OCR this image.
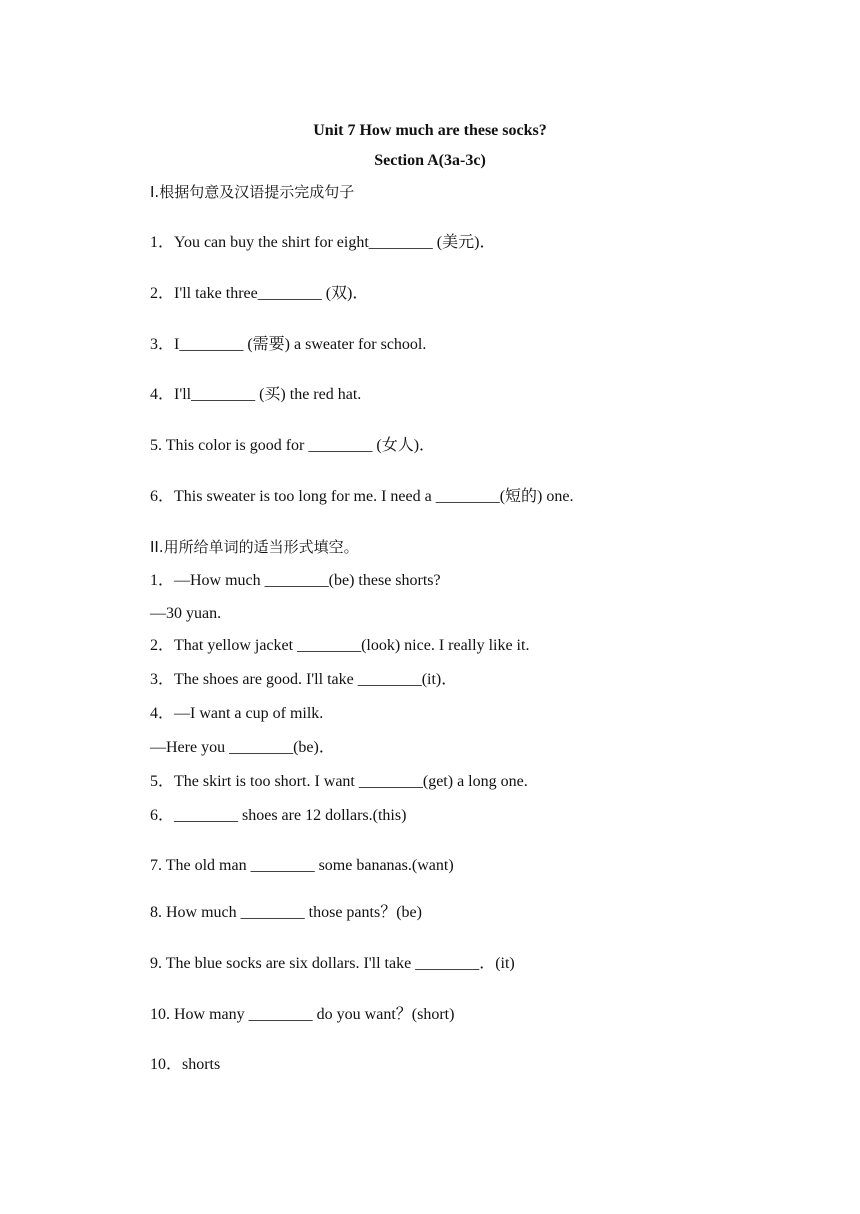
Unit 7 How much are these socks?
Section A(3a-3c)
Ⅰ.根据句意及汉语提示完成句子
1．You can buy the shirt for eight________ (美元)．
2．I'll take three________ (双)．
3．I________ (需要) a sweater for school.
4．I'll________ (买) the red hat.
5. This color is good for ________ (女人)．
6．This sweater is too long for me. I need a ________(短的) one.
II.用所给单词的适当形式填空。
1．—How much ________(be) these shorts?
—30 yuan.
2．That yellow jacket ________(look) nice. I really like it.
3．The shoes are good. I'll take ________(it)．
4．—I want a cup of milk.
—Here you ________(be)．
5．The skirt is too short. I want ________(get) a long one.
6．________ shoes are 12 dollars.(this)
7. The old man ________ some bananas.(want)
8. How much ________ those pants？(be)
9. The blue socks are six dollars. I'll take ________．(it)
10. How many ________ do you want？(short)
10．shorts
